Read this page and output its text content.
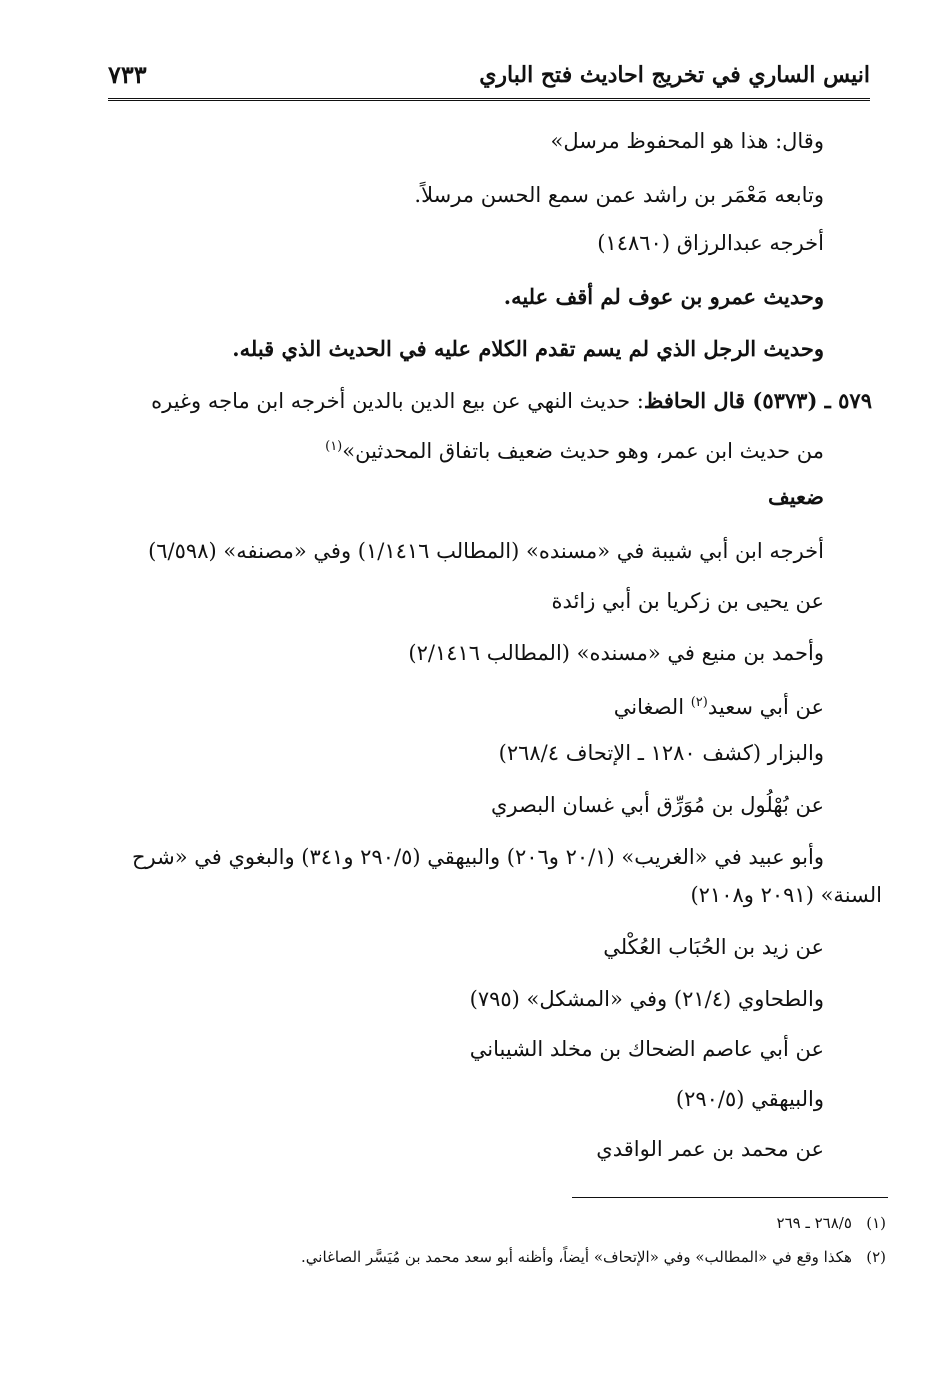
انيس الساري في تخريج احاديث فتح الباري
٧٣٣
وقال: هذا هو المحفوظ مرسل»
وتابعه مَعْمَر بن راشد عمن سمع الحسن مرسلاً.
أخرجه عبدالرزاق (١٤٨٦٠)
وحديث عمرو بن عوف لم أقف عليه.
وحديث الرجل الذي لم يسم تقدم الكلام عليه في الحديث الذي قبله.
٥٧٩ ـ (٥٣٧٣) قال الحافظ: حديث النهي عن بيع الدين بالدين أخرجه ابن ماجه وغيره
من حديث ابن عمر، وهو حديث ضعيف باتفاق المحدثين»$^{(١)}$
ضعيف
أخرجه ابن أبي شيبة في «مسنده» (المطالب ١/١٤١٦) وفي «مصنفه» (٦/٥٩٨)
عن يحيى بن زكريا بن أبي زائدة
وأحمد بن منيع في «مسنده» (المطالب ٢/١٤١٦)
عن أبي سعيد$^{(٢)}$ الصغاني
والبزار (كشف ١٢٨٠ ـ الإتحاف ٢٦٨/٤)
عن بُهْلُول بن مُوَرِّق أبي غسان البصري
وأبو عبيد في «الغريب» (٢٠/١ و٢٠٦) والبيهقي (٢٩٠/٥ و٣٤١) والبغوي في «شرح
السنة» (٢٠٩١ و٢١٠٨)
عن زيد بن الحُبَاب العُكْلي
والطحاوي (٢١/٤) وفي «المشكل» (٧٩٥)
عن أبي عاصم الضحاك بن مخلد الشيباني
والبيهقي (٢٩٠/٥)
عن محمد بن عمر الواقدي
(١)   ٢٦٨/٥ ـ ٢٦٩
(٢)   هكذا وقع في «المطالب» وفي «الإتحاف» أيضاً، وأظنه أبو سعد محمد بن مُيَسَّر الصاغاني.
